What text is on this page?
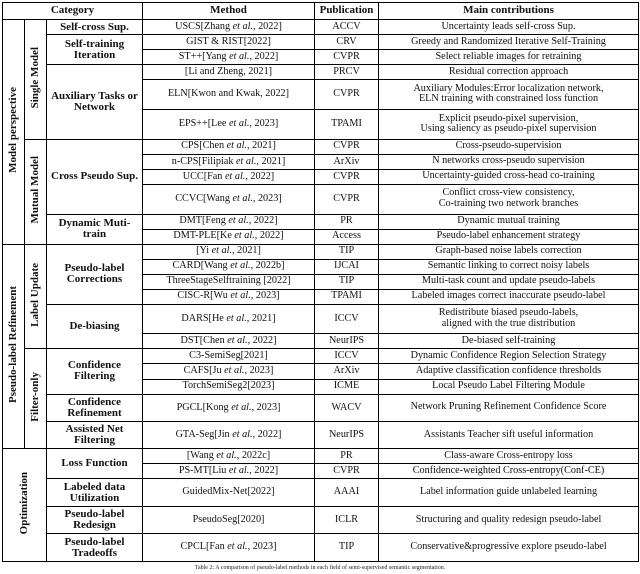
Category			Method	Publication	Main contributions
Model perspective	Single Model	Self-cross Sup.	USCS[Zhang et al., 2022]	ACCV	Uncertainty leads self-cross Sup.
		Self-training Iteration	GIST & RIST[2022]	CRV	Greedy and Randomized Iterative Self-Training
			ST++[Yang et al., 2022]	CVPR	Select reliable images for retraining
		Auxiliary Tasks or Network	[Li and Zheng, 2021]	PRCV	Residual correction approach
			ELN[Kwon and Kwak, 2022]	CVPR	Auxiliary Modules:Error localization network,
ELN training with constrained loss function
			EPS++[Lee et al., 2023]	TPAMI	Explicit pseudo-pixel supervision,
Using saliency as pseudo-pixel supervision
	Mutual Model	Cross Pseudo Sup.	CPS[Chen et al., 2021]	CVPR	Cross-pseudo-supervision
			n-CPS[Filipiak et al., 2021]	ArXiv	N networks cross-pseudo supervision
			UCC[Fan et al., 2022]	CVPR	Uncertainty-guided cross-head co-training
			CCVC[Wang et al., 2023]	CVPR	Conflict cross-view consistency,
Co-training two network branches
		Dynamic Muti-train	DMT[Feng et al., 2022]	PR	Dynamic mutual training
			DMT-PLE[Ke et al., 2022]	Access	Pseudo-label enhancement strategy
Pseudo-label Refinement	Label Update	Pseudo-label Corrections	[Yi et al., 2021]	TIP	Graph-based noise labels correction
			CARD[Wang et al., 2022b]	IJCAI	Semantic linking to correct noisy labels
			ThreeStageSelftraining [2022]	TIP	Multi-task count and update pseudo-labels
			CISC-R[Wu et al., 2023]	TPAMI	Labeled images correct inaccurate pseudo-label
		De-biasing	DARS[He et al., 2021]	ICCV	Redistribute biased pseudo-labels,
aligned with the true distribution
			DST[Chen et al., 2022]	NeurIPS	De-biased self-training
	Filter-only	Confidence Filtering	C3-SemiSeg[2021]	ICCV	Dynamic Confidence Region Selection Strategy
			CAFS[Ju et al., 2023]	ArXiv	Adaptive classification confidence thresholds
			TorchSemiSeg2[2023]	ICME	Local Pseudo Label Filtering Module
		Confidence Refinement	PGCL[Kong et al., 2023]	WACV	Network Pruning Refinement Confidence Score
		Assisted Net Filtering	GTA-Seg[Jin et al., 2022]	NeurIPS	Assistants Teacher sift useful information
Optimization		Loss Function	[Wang et al., 2022c]	PR	Class-aware Cross-entropy loss
			PS-MT[Liu et al., 2022]	CVPR	Confidence-weighted Cross-entropy(Conf-CE)
		Labeled data Utilization	GuidedMix-Net[2022]	AAAI	Label information guide unlabeled learning
		Pseudo-label Redesign	PseudoSeg[2020]	ICLR	Structuring and quality redesign pseudo-label
		Pseudo-label Tradeoffs	CPCL[Fan et al., 2023]	TIP	Conservative&progressive explore pseudo-label
Table 2: A comparison of pseudo-label methods in each field of semi-supervised semantic segmentation.
